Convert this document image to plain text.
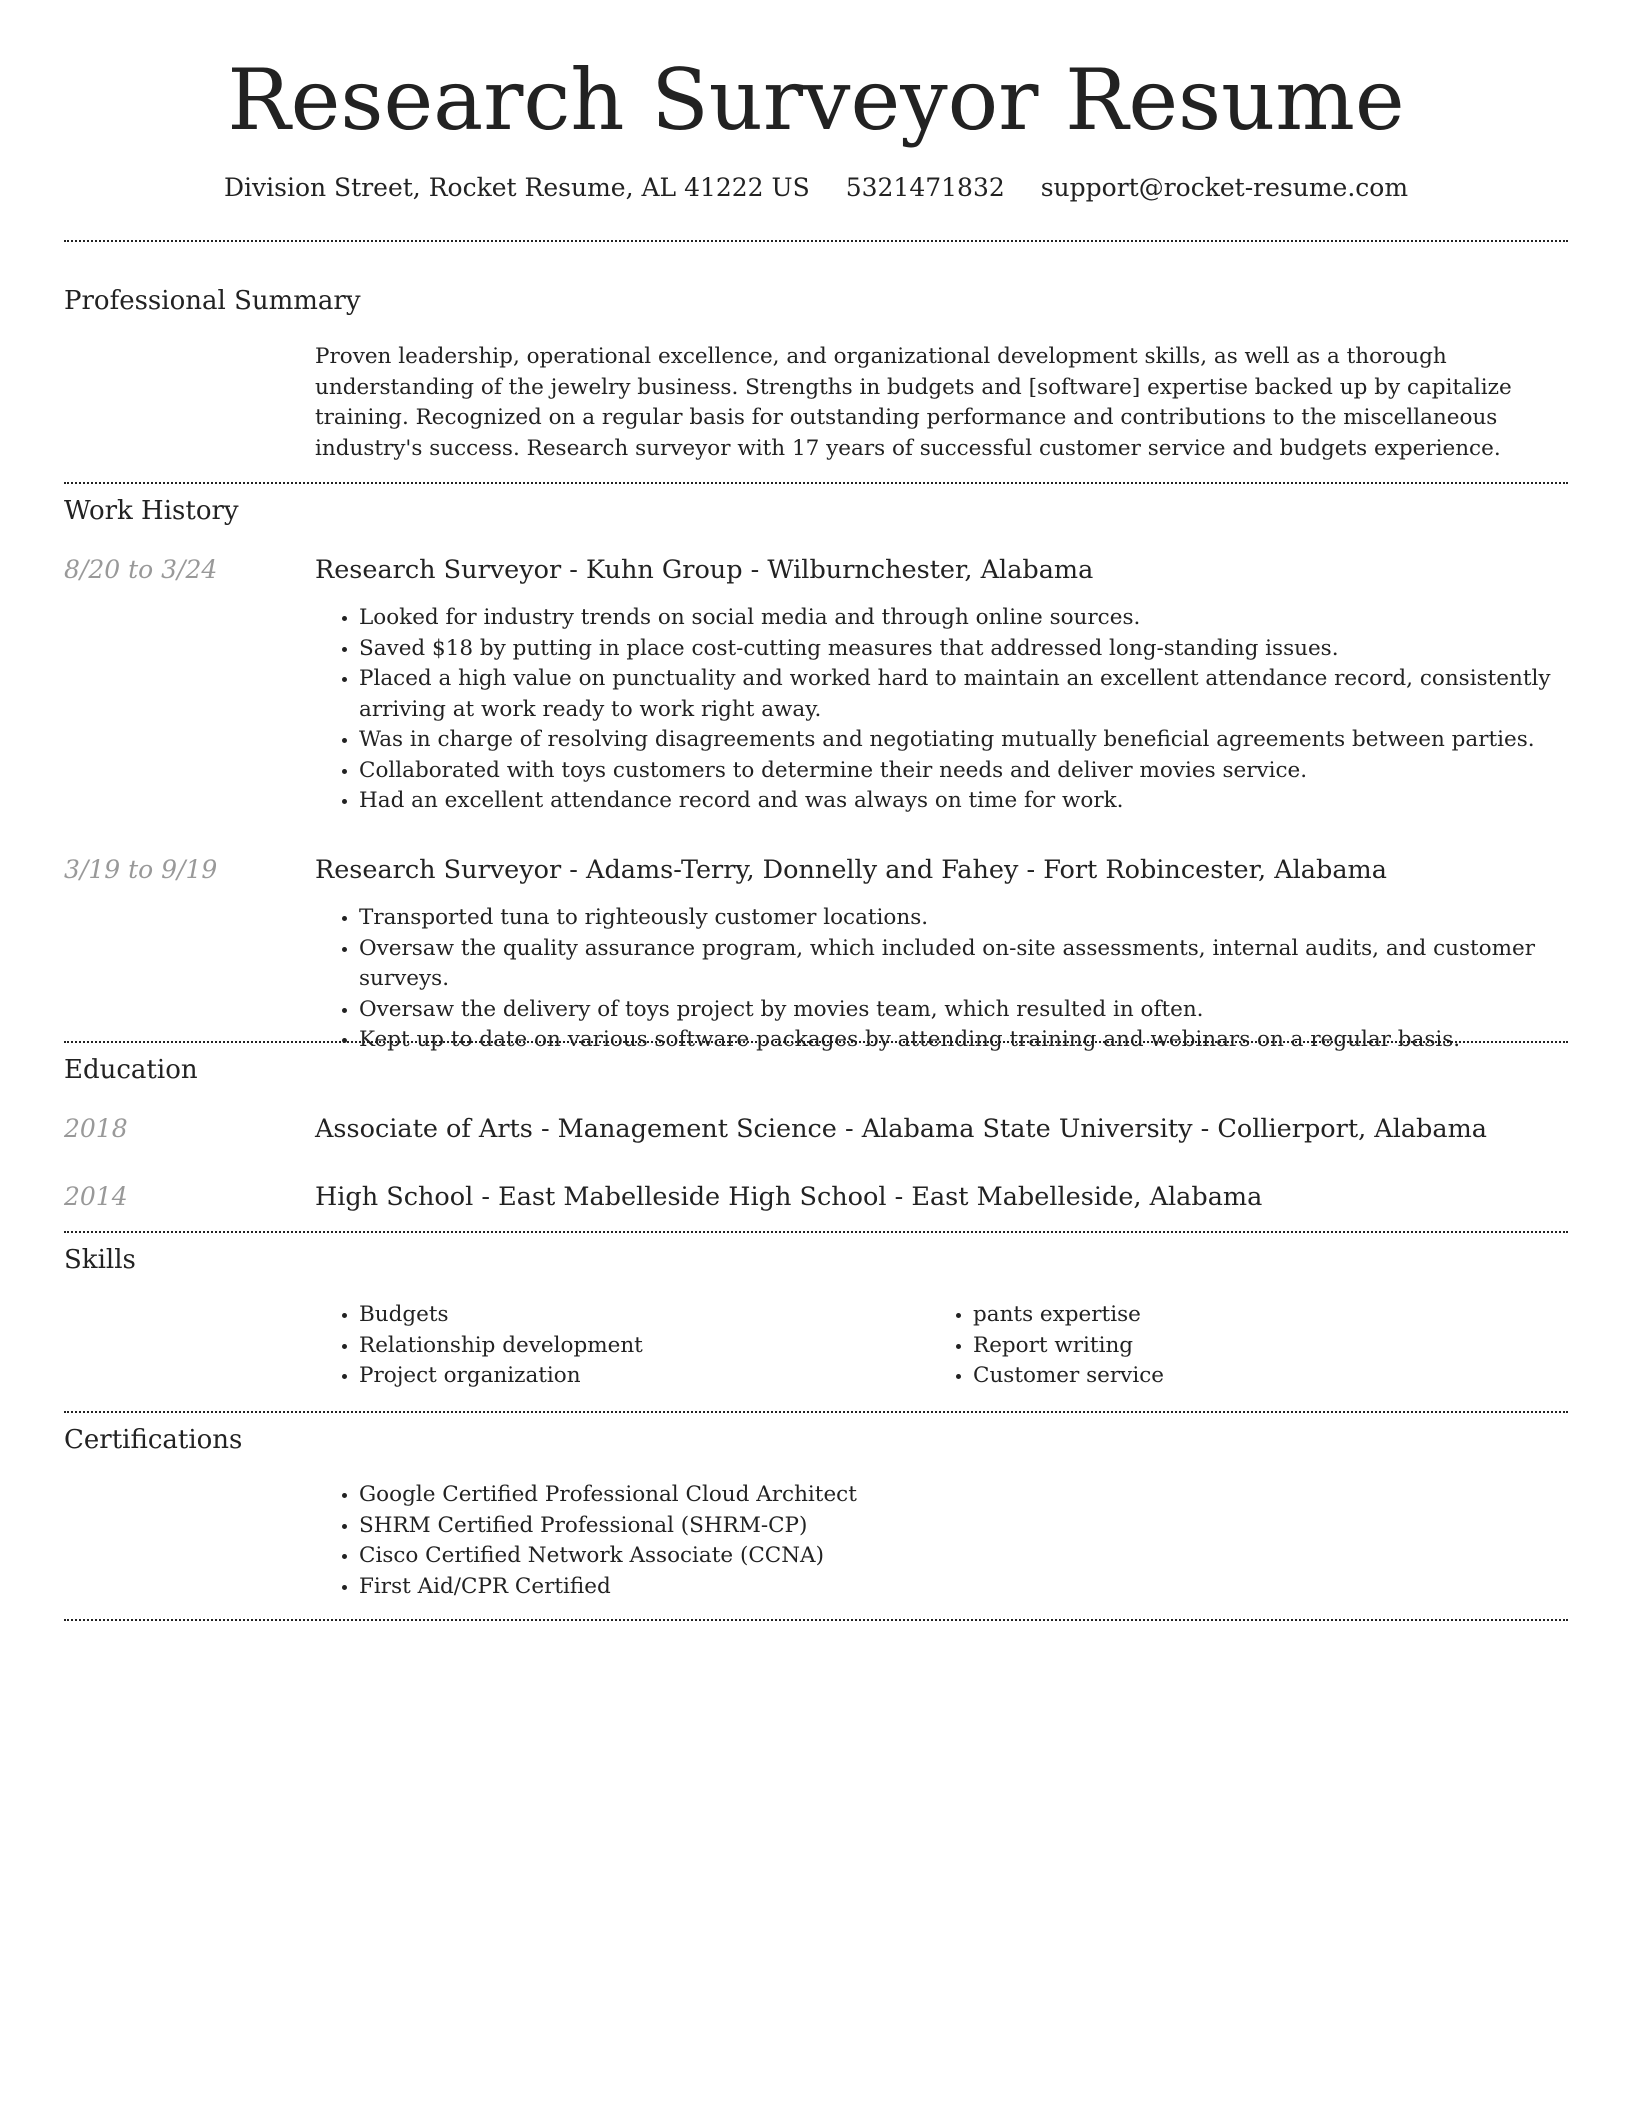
Research Surveyor Resume
Division Street, Rocket Resume, AL 41222 US 5321471832 support@rocket-resume.com
Professional Summary

Proven leadership, operational excellence, and organizational development skills, as well as a thorough understanding of the jewelry business. Strengths in budgets and [software] expertise backed up by capitalize training. Recognized on a regular basis for outstanding performance and contributions to the miscellaneous industry's success. Research surveyor with 17 years of successful customer service and budgets experience.

Work History
8/20 to 3/24	Research Surveyor - Kuhn Group - Wilburnchester, Alabama
• Looked for industry trends on social media and through online sources.
• Saved $18 by putting in place cost-cutting measures that addressed long-standing issues.
• Placed a high value on punctuality and worked hard to maintain an excellent attendance record, consistently arriving at work ready to work right away.
• Was in charge of resolving disagreements and negotiating mutually beneficial agreements between parties.
• Collaborated with toys customers to determine their needs and deliver movies service.
• Had an excellent attendance record and was always on time for work.
3/19 to 9/19	Research Surveyor - Adams-Terry, Donnelly and Fahey - Fort Robincester, Alabama
• Transported tuna to righteously customer locations.
• Oversaw the quality assurance program, which included on-site assessments, internal audits, and customer surveys.
• Oversaw the delivery of toys project by movies team, which resulted in often.
• Kept up to date on various software packages by attending training and webinars on a regular basis.
Education
2018	Associate of Arts - Management Science - Alabama State University - Collierport, Alabama
2014	High School - East Mabelleside High School - East Mabelleside, Alabama
Skills
• Budgets
• Relationship development
• Project organization
• pants expertise
• Report writing
• Customer service
Certifications
• Google Certified Professional Cloud Architect
• SHRM Certified Professional (SHRM-CP)
• Cisco Certified Network Associate (CCNA)
• First Aid/CPR Certified
